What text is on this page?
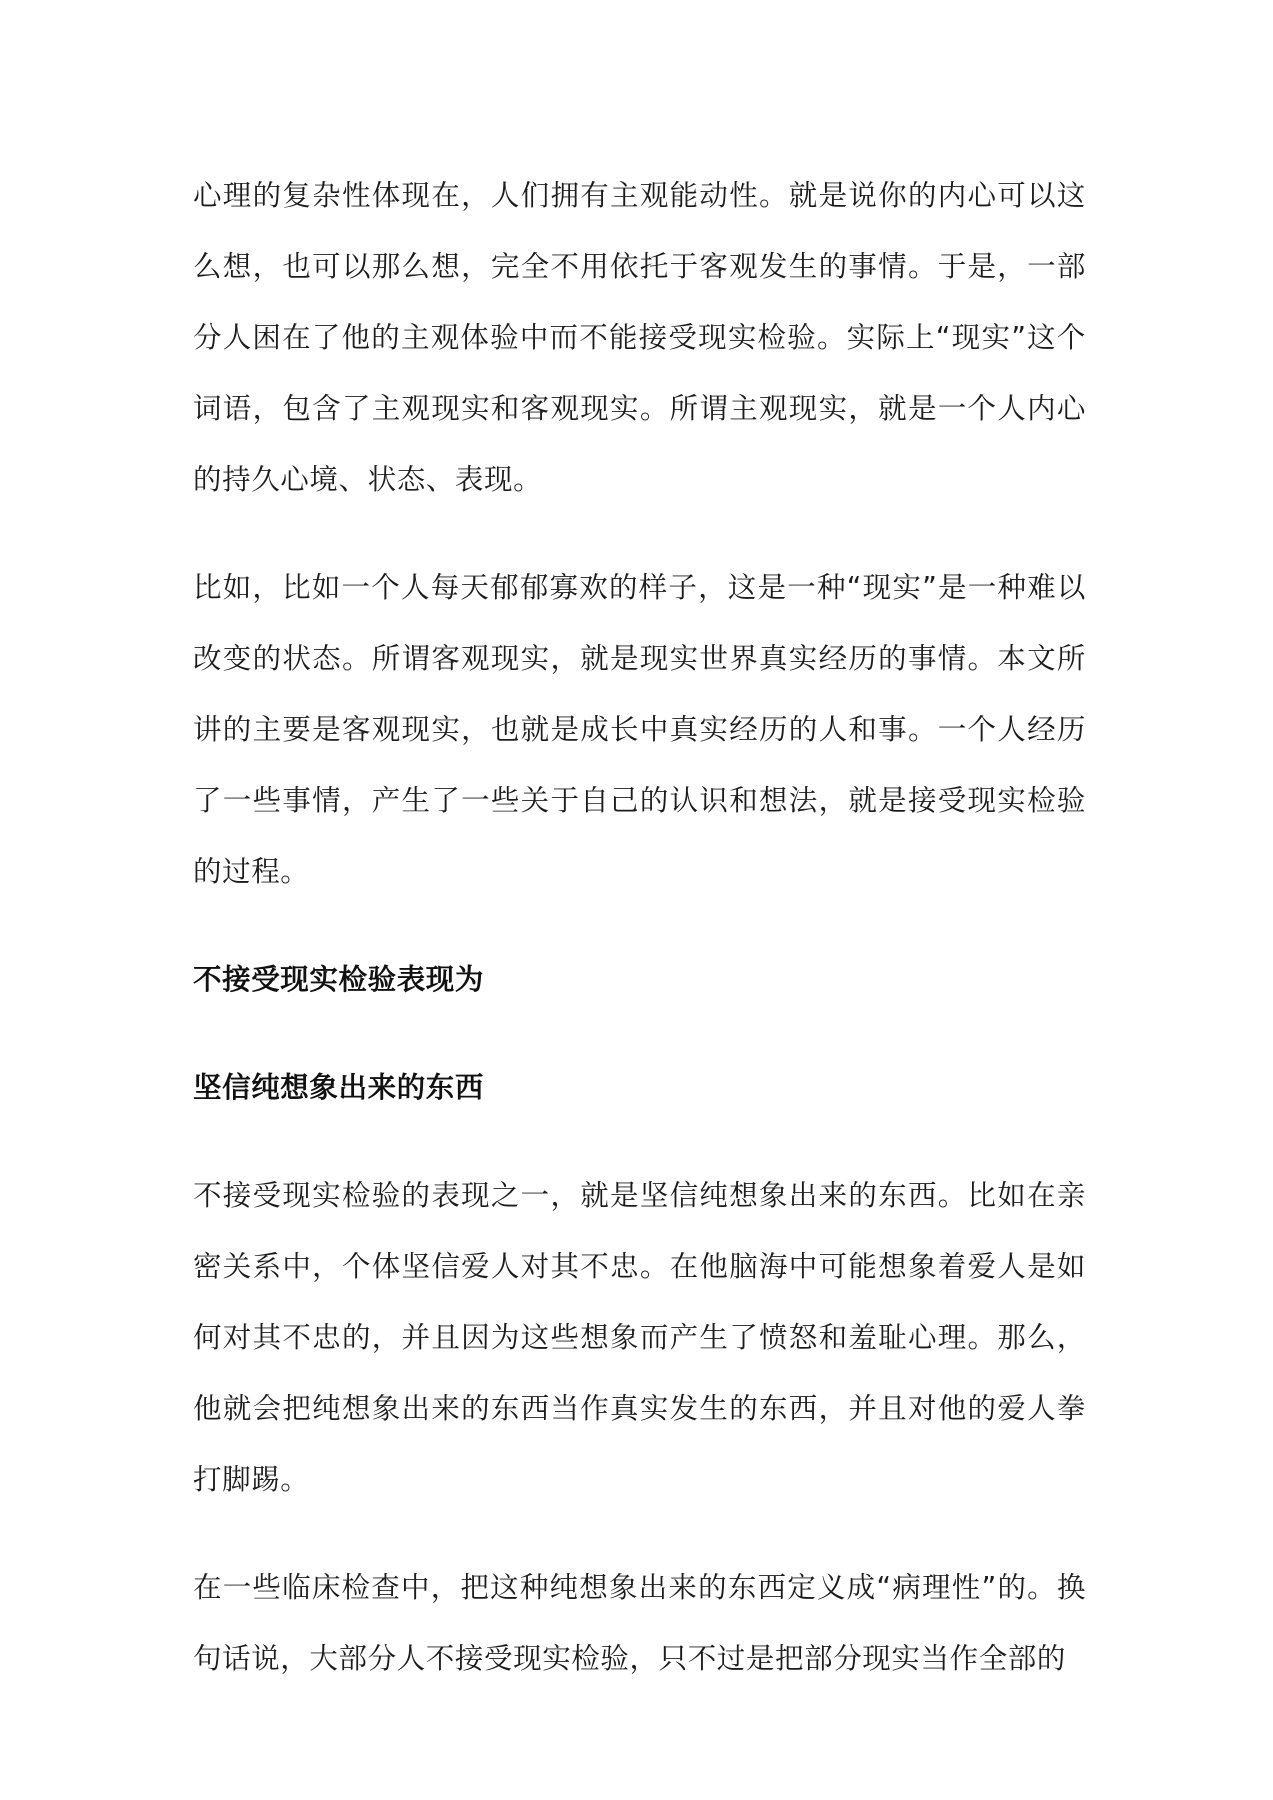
心理的复杂性体现在，人们拥有主观能动性。就是说你的内心可以这么想，也可以那么想，完全不用依托于客观发生的事情。于是，一部分人困在了他的主观体验中而不能接受现实检验。实际上“现实”这个词语，包含了主观现实和客观现实。所谓主观现实，就是一个人内心的持久心境、状态、表现。

比如，比如一个人每天郁郁寡欢的样子，这是一种“现实”是一种难以改变的状态。所谓客观现实，就是现实世界真实经历的事情。本文所讲的主要是客观现实，也就是成长中真实经历的人和事。一个人经历了一些事情，产生了一些关于自己的认识和想法，就是接受现实检验的过程。

不接受现实检验表现为

坚信纯想象出来的东西

不接受现实检验的表现之一，就是坚信纯想象出来的东西。比如在亲密关系中，个体坚信爱人对其不忠。在他脑海中可能想象着爱人是如何对其不忠的，并且因为这些想象而产生了愤怒和羞耻心理。那么，他就会把纯想象出来的东西当作真实发生的东西，并且对他的爱人拳打脚踢。

在一些临床检查中，把这种纯想象出来的东西定义成“病理性”的。换句话说，大部分人不接受现实检验，只不过是把部分现实当作全部的
